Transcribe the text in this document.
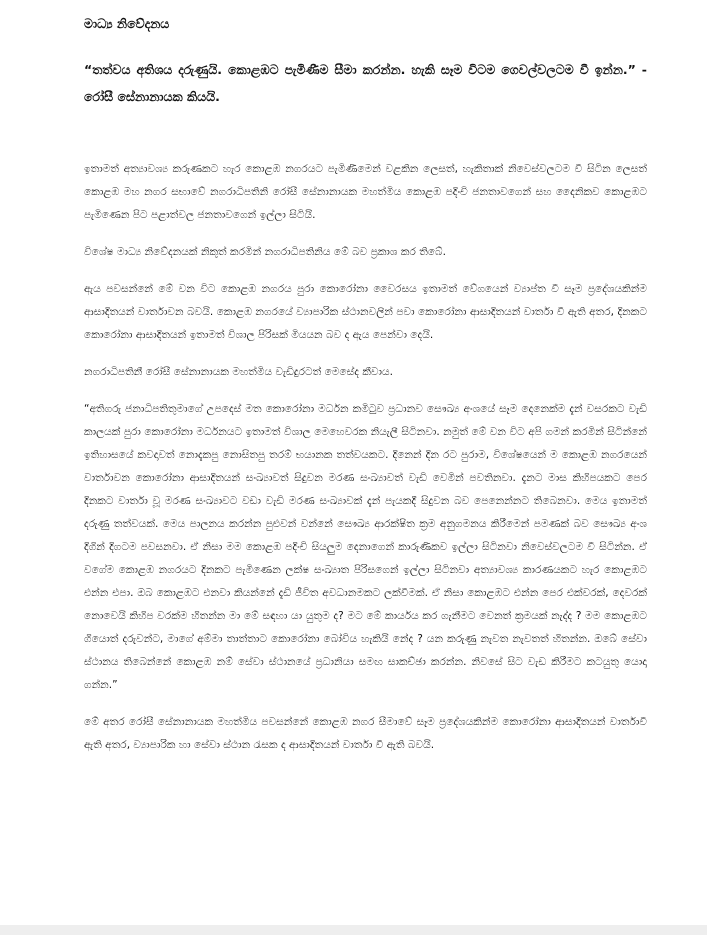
මාධ්‍ය නිවේදනය

“තත්වය අතිශය දරුණුයි. කොළඹට පැමිණීම සීමා කරන්න. හැකි සෑම විටම ගෙවල්වලටම වී ඉන්න.” - රෝසී සේනානායක කියයි.

ඉතාමත් අත්‍යාවශ්‍ය කරුණකට හැර කොළඹ නගරයට පැමිණීමෙන් වළකින ලෙසත්, හැකිතාක් නිවෙස්වලටම වී සිටින ලෙසත් කොළඹ මහ නගර සභාවේ නගරාධිපතිනි රෝසී සේනානායක මහත්මිය කොළඹ පදිංචි ජනතාවගෙන් සහ දෛනිකව කොළඹට පැමිණෙන පිට පළාත්වල ජනතාවගෙන් ඉල්ලා සිටියි.

විශේෂ මාධ්‍ය නිවේදනයක් නිකුත් කරමින් නගරාධිපතිනිය මේ බව ප්‍රකාශ කර තිබේ.

ඇය පවසන්නේ මේ වන විට කොළඹ නගරය පුරා කොරෝනා වෛරසය ඉතාමත් වේගයෙන් ව්‍යාප්ත වී සෑම ප්‍රදේශයකින්ම ආසාදිතයන් වාර්තාවන බවයි. කොළඹ නගරයේ ව්‍යාපාරික ස්ථානවලින් පවා කොරෝනා ආසාදිතයන් වාර්තා වී ඇති අතර, දිනකට කොරෝනා ආසාදිතයන් ඉතාමත් විශාල පිරිසක් මියයන බව ද ඇය පෙන්වා දෙයි.

නගරාධිපතිනී රෝසී සේනානායක මහත්මිය වැඩිදුරටත් මෙසේද කීවාය.

“අතිගරු ජනාධිපතිතුමාගේ උපදෙස් මත කොරෝනා මර්ධන කමිටුව ප්‍රධානව සෞඛ්‍ය අංශයේ සෑම දෙනෙක්ම දැන් වසරකට වැඩි කාලයක් පුරා කොරෝනා මර්ධනයට ඉතාමත් විශාල මෙහෙවරක නියැලී සිටිනවා. නමුත් මේ වන විට අපි ගමන් කරමින් සිටින්නේ ඉතිහාසයේ කවදාවත් නොදැකපු නොසිතපු තරම් භයානක තත්වයකට. දිනෙන් දින රට පුරාම, විශේෂයෙන් ම කොළඹ නගරයෙන් වාර්තාවන කොරෝනා ආසාදිතයන් සංඛ්‍යාවත් සිදුවන මරණ සංඛ්‍යාවත් වැඩි වෙමින් පවතිනවා. දැනට මාස කිහිපයකට පෙර දිනකට වාර්තා වූ මරණ සංඛ්‍යාවට වඩා වැඩි මරණ සංඛ්‍යාවක් දැන් පැයකදී සිදුවන බව පෙනෙන්නට තිබෙනවා. මෙය ඉතාමත් දරුණු තත්වයක්. මෙය පාලනය කරන්න පුළුවන් වන්නේ සෞඛ්‍ය ආරක්ෂිත ක්‍රම අනුගමනය කිරීමෙන් පමණක් බව සෞඛ්‍ය අංශ දිගින් දිගටම පවසනවා. ඒ නිසා මම කොළඹ පදිංචි සියලුම දෙනාගෙන් කාරුණිකව ඉල්ලා සිටිනවා නිවෙස්වලටම වී සිටින්න. ඒ වගේම කොළඹ නගරයට දිනකට පැමිණෙන ලක්ෂ සංඛ්‍යාත පිරිසගෙන් ඉල්ලා සිටිනවා අත්‍යාවශ්‍ය කාරණයකට හැර කොළඹට එන්න එපා. ඔබ කොළඹට එනවා කියන්නේ දැඩි ජීවිත අවධානමකට ලක්වීමක්. ඒ නිසා කොළඹට එන්න පෙර එක්වරක්, දෙවරක් නොවෙයි කිහිප වරක්ම හිතන්න මා මේ සඳහා යා යුතුම ද? මට මේ කාර්යය කර ගැනීමට වෙනත් ක්‍රමයක් නැද්ද ? මම කොළඹට ගියොත් දරුවන්ට, මාගේ අම්මා තාත්තාට කොරෝනා බෝවිය හැකියි නේද ? යන කරුණු නැවත නැවතත් හිතන්න. ඔබේ සේවා ස්ථානය තිබෙන්නේ කොළඹ නම් සේවා ස්ථානයේ ප්‍රධානියා සමඟ සාකච්ඡා කරන්න. නිවසේ සිට වැඩ කිරීමට කටයුතු යොදා ගන්න.”

මේ අතර රෝසී සේනානායක මහත්මිය පවසන්නේ කොළඹ නගර සීමාවේ සෑම ප්‍රදේශයකින්ම කොරෝනා ආසාදිතයන් වාර්තාවී ඇති අතර, ව්‍යාපාරික හා සේවා ස්ථාන රැසක ද ආසාදිතයන් වාර්තා වී ඇති බවයි.
